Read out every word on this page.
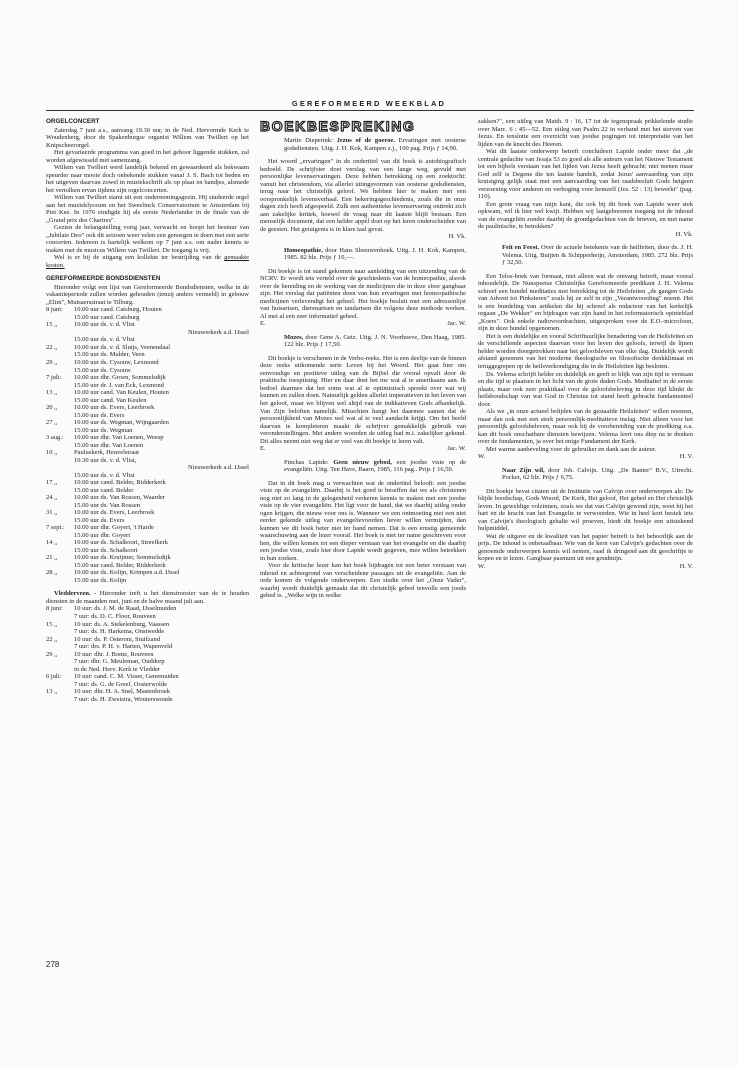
GEREFORMEERD WEEKBLAD
ORGELCONCERT

Zaterdag 7 juni a.s., aanvang 19.30 uur, in de Ned. Hervormde Kerk te Woudenberg, door de Spakenburgse organist Willem van Twillert op het Knipscheerorgel.

Het gevarieerde programma van goed in het gehoor liggende stukken, zal worden afgewisseld met samenzang.

Willem van Twillert werd landelijk bekend en gewaardeerd als bekwaam speurder naar mooie doch onbekende stukken vanaf J. S. Bach tot heden en het uitgeven daarvan zowel in muziekschrift als op plaat en bandjes, alsmede het vertolken ervan tijdens zijn orgelconcerten.

Willem van Twillert stamt uit een ondernemingsgezin. Hij studeerde orgel aan het muzieklyceum en het Sweelinck Conservatorium te Amsterdam bij Piet Kee. In 1976 eindigde hij als eerste Nederlander in de finale van de „Grand prix des Chartres".

Gezien de belangstelling vorig jaar, verwacht en hoopt het bestuur van „Jubilate Deo" ook dit seizoen weer velen een genoegen te doen met een serie concerten. Iedereen is hartelijk welkom op 7 juni a.s. om nader kennis te maken met de musicus Willem van Twillert. De toegang is vrij.

Wel is er bij de uitgang een kollekte ter bestrijding van de gemaakte kosten.

GEREFORMEERDE BONDSDIENSTEN

Hieronder volgt een lijst van Gereformeerde Bondsdiensten, welke in de vakantieperiode zullen worden gehouden (tenzij anders vermeld) in gebouw „Elim", Mutsaersstraat te Tilburg.

8 juni:	10.00 uur cand. Catsburg, Houten
	15.00 uur cand. Catsburg
15 ,,	10.00 uur ds. v. d. Vlist
	Nieuwerkerk a.d. IJssel
	15.00 uur ds. v. d. Vlist
22 ,,	10.00 uur ds. v. d. Sluijs, Veenendaal
	15.00 uur ds. Mulder, Veen
29 ,,	10.00 uur ds. Cysouw, Lexmond
	15.00 uur ds. Cysouw
7 juli:	10.00 uur dhr. Groen, Sommelsdijk
	15.00 uur dr. J. van Eck, Lexmond
13 ,,	10.00 uur cand. Van Keulen, Houten
	15.00 uur cand. Van Keulen
20 ,,	10.00 uur ds. Evers, Leerbroek
	15.00 uur ds. Evers
27 ,,	10.00 uur ds. Wegman, Wijngaarden
	15.00 uur ds. Wegman
3 aug.:	10.00 uur dhr. Van Loenen, Weesp
	15.00 uur dhr. Van Loenen
10 ,,	Pauluskerk, Heuvelstraat
	10.30 uur ds. v. d. Vlist,
	Nieuwerkerk a.d. IJssel
	15.00 uur ds. v. d. Vlist
17 ,,	10.00 uur cand. Belder, Ridderkerk
	15.00 uur cand. Belder
24 ,,	10.00 uur ds. Van Rossen, Waarder
	15.00 uur ds. Van Rossen
31 ,,	10.00 uur ds. Evers, Leerbroek
	15.00 uur ds. Evers
7 sept.:	10.00 uur dhr. Goyert, 't Harde
	15.00 uur dhr. Goyert
14 ,,	10.00 uur ds. Schalkoort, Streefkerk
	15.00 uur ds. Schalkoort
21 ,,	10.00 uur ds. Kruijmer, Sommelsdijk
	15.00 uur cand. Belder, Ridderkerk
28 ,,	10.00 uur ds. Kolijn, Krimpen a.d. IJssel
	15.00 uur ds. Kolijn

Vledderveen. - Hieronder treft u het dienstrooster van de te houden diensten in de maanden mei, juni en de halve maand juli aan.

8 juni:	10 uur: ds. J. M. de Raad, IJsselmuiden
	7 uur: ds. D. C. Floor, Rouveen
15 ,,	10 uur: ds. A. Stekelenburg, Vaassen
	7 uur: ds. H. Harkema, Onstwedde
22 ,,	10 uur: ds. P. Osterom, Stuifzand
	7 uur: drs. P. H. v. Harten, Wapenveld
29 ,,	10 uur: dhr. J. Bonte, Rouveen
	7 uur: dhr. G. Meuleman, Ouddorp
	in de Ned. Herv. Kerk te Vledder
6 juli:	10 uur: cand. C. M. Visser, Genemuiden
	7 uur: ds. G. de Greef, Oosterwolde
13 ,,	10 uur: dhr. H. A. Snel, Mastenbroek
	7 uur: ds. H. Zweistra, Wouterswoude
BOEKBESPREKING

Martie Dieperink: Jezus of de goeroe. Ervaringen met oosterse godsdiensten. Uitg. J. H. Kok, Kampen z.j., 100 pag. Prijs ƒ 14,90.

Het woord „ervaringen" in de ondertitel van dit boek is autobiografisch bedoeld. De schrijfster doet verslag van een lange weg, gevuld met persoonlijke levenservaringen. Deze hebben betrekking op een zoektocht: vanuit het christendom, via allerlei uitingsvormen van oosterse godsdiensten, terug naar het christelijk geloof. We hebben hier te maken met een oorspronkelijk levensverhaal. Een bekeringsgeschiedenis, zoals die in onze dagen zich heeft afgespeeld. Zulk een authentieke levenservaring onttrekt zich aan zakelijke kritiek, hoewel de vraag naar dit laatste blijft bestaan. Een menselijk document, dat een helder appèl doet op het leren onderscheiden van de geesten. Het getuigenis is in klare taal gevat.

H. Vk.

Homeopathie, door Hans Sleeuwenhoek. Uitg. J. H. Kok, Kampen, 1985. 82 blz. Prijs ƒ 10,—.

Dit boekje is tot stand gekomen naar aanleiding van een uitzending van de NCRV. Er wordt iets verteld over de geschiedenis van de homeopathie, alsook over de bereiding en de werking van de medicijnen die in deze sfeer gangbaar zijn. Het verslag dat patiënten doen van hun ervaringen met homeopathische medicijnen verlevendigt het geheel. Het boekje besluit met een adressenlijst van huisartsen, dierenartsen en tandartsen die volgens deze methode werken. Al met al een zeer informatief geheel.

E.	Jac. W.

Mozes, door Gene A. Getz. Uitg. J. N. Voorhoeve, Den Haag, 1985. 122 blz. Prijs ƒ 17,50.

Dit boekje is verschenen in de Verbo-reeks. Het is een deeltje van de binnen deze reeks uitkomende serie Leven bij het Woord. Het gaat hier om eenvoudige en positieve uitleg van de Bijbel die vooral opvalt door de praktische toespitsing. Hier en daar doet het me wat al te amerikaans aan. Ik bedoel daarmee dat het soms wat al te optimistisch spreekt over wat wij kunnen en zullen doen. Natuurlijk gelden allerlei imperatieven in het leven van het geloof, maar we blijven wel altijd van de indikatieven Gods afhankelijk. Van Zijn beloften namelijk. Misschien hangt het daarmee samen dat de persoonlijkheid van Mozes wel wat al te veel aandacht krijgt. Om het beeld daarvan te kompleteren maakt de schrijver gemakkelijk gebruik van veronderstellingen. Met andere woorden de uitleg had m.i. zakelijker gekund. Dit alles neemt niet weg dat er veel van dit boekje te leren valt.

E.	Jac. W.

Pinchas Lapide: Geen nieuw gebod, een joodse visie op de evangeliën. Uitg. Ten Have, Baarn, 1985, 116 pag.. Prijs ƒ 16,50.

Dat in dit boek mag u verwachten wat de ondertitel belooft: een joodse visie op de evangeliën. Daarbij is het goed te beseffen dat we als christenen nog niet zo lang in de gelegenheid verkeren kennis te maken met een joodse visie op de vier evangeliën. Het ligt voor de hand, dat we daarbij uitleg onder ogen krijgen, die nieuw voor ons is. Wanneer we een ontmoeting met een niet eerder gekende uitleg van evangelievoorden liever willen vermijden, dan kunnen we dit boek beter niet ter hand nemen. Dat is een ernstig gemeende waarschuwing aan de lezer vooraf. Het boek is niet ter name geschreven voor hen, die willen komen tot een dieper verstaan van het evangelie en die daarbij een joodse visie, zoals hier door Lapide wordt gegeven, mee willen betrekken in hun zoeken.

Voor de kritische lezer kan het boek bijdragen tot een beter verstaan van inhoud en achtergrond van verscheidene passages uit de evangeliën. Aan de orde komen de volgende onderwerpen. Een studie over het „Onze Vader", waarbij wordt duidelijk gemaakt dat dit christelijk gebed tenvolle een joods gebed is. „Welke wijn in welke

zakken?", een uitleg van Matth. 9 : 16, 17 tot de tegenspraak prikkelende studie over Marc. 6 : 45—52. Een uitleg van Psalm 22 in verband met het sterven van Jezus. En tenslotte een overzicht van joodse pogingen tot interpretatie van het lijden van de knecht des Heeren.

Wat dit laatste onderwerp betreft concludeert Lapide onder meer dat „de centrale gedachte van Jesaja 53 zo goed als alle auteurs van het Nieuwe Testament tot een bijbels verstaan van het lijden van Jezus heeft gebracht: niet menen maar God zelf is Degene die ten laatste handelt, zodat Jezus' aanvaarding van zijn kruisiging gelijk staat met een aanvaarding van het raadsbesluit Gods hetgeen verzoening voor anderen en verhoging voor hemzelf (Jes. 52 : 13) bewerkt" (pag. 110).

Een grote vraag van mijn kant, die ook bij dit boek van Lapide weer stek opkwam, wil ik hier wel kwijt. Hebben wij laatgeborenen toegang tot de inhoud van de evangeliën zonder daarbij de grondgedachten van de brieven, en met name de paulinische, te betrekken?

H. Vk.

Feit en Feest. Over de actuele betekenis van de heilfeiten, door ds. J. H. Velema. Uitg. Buijten & Schipperheijn, Amsterdam, 1985. 272 blz. Prijs ƒ 32,50.

Een Telos-boek van formaat, niet alleen wat de omvang betreft, maar vooral inhoudelijk. De Nunspeetse Christelijke Gereformeerde predikant J. H. Velema schreef een bundel meditaties met betrekking tot de Heilsfeiten „de gangen Gods van Advent tot Pinksteren" zoals hij ze zelf in zijn „Verantwoording" noemt. Het is een bundeling van artikelen die hij schreef als redacteur van het kerkelijk orgaan „De Wekker" en bijdragen van zijn hand in het reformatorisch opinieblad „Koers". Ook enkele radiovoordrachten, uitgesproken voor de E.O.-microfoon, zijn in deze bundel opgenomen.

Het is een duidelijke en vooral Schriftuurlijke benadering van de Heilsfeiten en de verschillende aspecten daarvan voor het leven des geloofs, terwijl de lijnen helder worden doorgetrokken naar het geloofsleven van elke dag. Duidelijk wordt afstand genomen van het moderne theologische en filosofische denkklimaat en teruggegrepen op de heilsverkondiging die in de Heilsfeiten ligt besloten.

Ds. Velema schrijft helder en duidelijk en geeft er blijk van zijn tijd te verstaan en die tijd te plaatsen in het licht van de grote daden Gods. Meditatief in de eerste plaats, maar ook zeer praktikaal voor de geloofsbeleving in deze tijd klinkt de heilsboodschap van wat God in Christus tot stand heeft gebracht fundamenteel door.

Als we „in onze actueel belijden van de gestaafde Heilsfeiten" willen noemen, maar dan ook met een sterk persoonlijk-meditatieve inslag. Niet alleen voor het persoonlijk geloofsbeleven, maar ook bij de voorbereiding van de prediking o.a. kan dit boek onschatbare diensten bewijzen. Velema leert ons diep na te denken over de fundamenten, ja over het enige Fundament der Kerk.

Met warme aanbeveling voor de gebruiker en dank aan de auteur.

W.	H. V.

Naar Zijn wil, door Joh. Calvijn. Uitg. „De Banier" B.V., Utrecht. Pocket, 62 blz. Prijs ƒ 6,75.

Dit boekje bevat citaten uit de Institutie van Calvijn over onderwerpen als: De blijde boodschap, Gods Woord, De Kerk, Het geloof, Het gebed en Het christelijk leven. In geweldige volzinnen, zoals we dat van Calvijn gewend zijn, weet hij het hart en de kracht van het Evangelie te verwoorden. Wie in heel kort bestek iets van Calvijn's theologisch gehalte wil proeven, biedt dit boekje een uitstekend hulpmiddel.

Wat de uitgave en de kwaliteit van het papier betreft is het behoorlijk aan de prijs. De inhoud is onbetaalbaar. Wie van de kern van Calvijn's gedachten over de genoemde onderwerpen kennis wil nemen, raad ik dringend aan dit geschriftje te kopen en te lezen. Gangbaar pasmunt uit een goudmijn.

W.	H. V.
278
